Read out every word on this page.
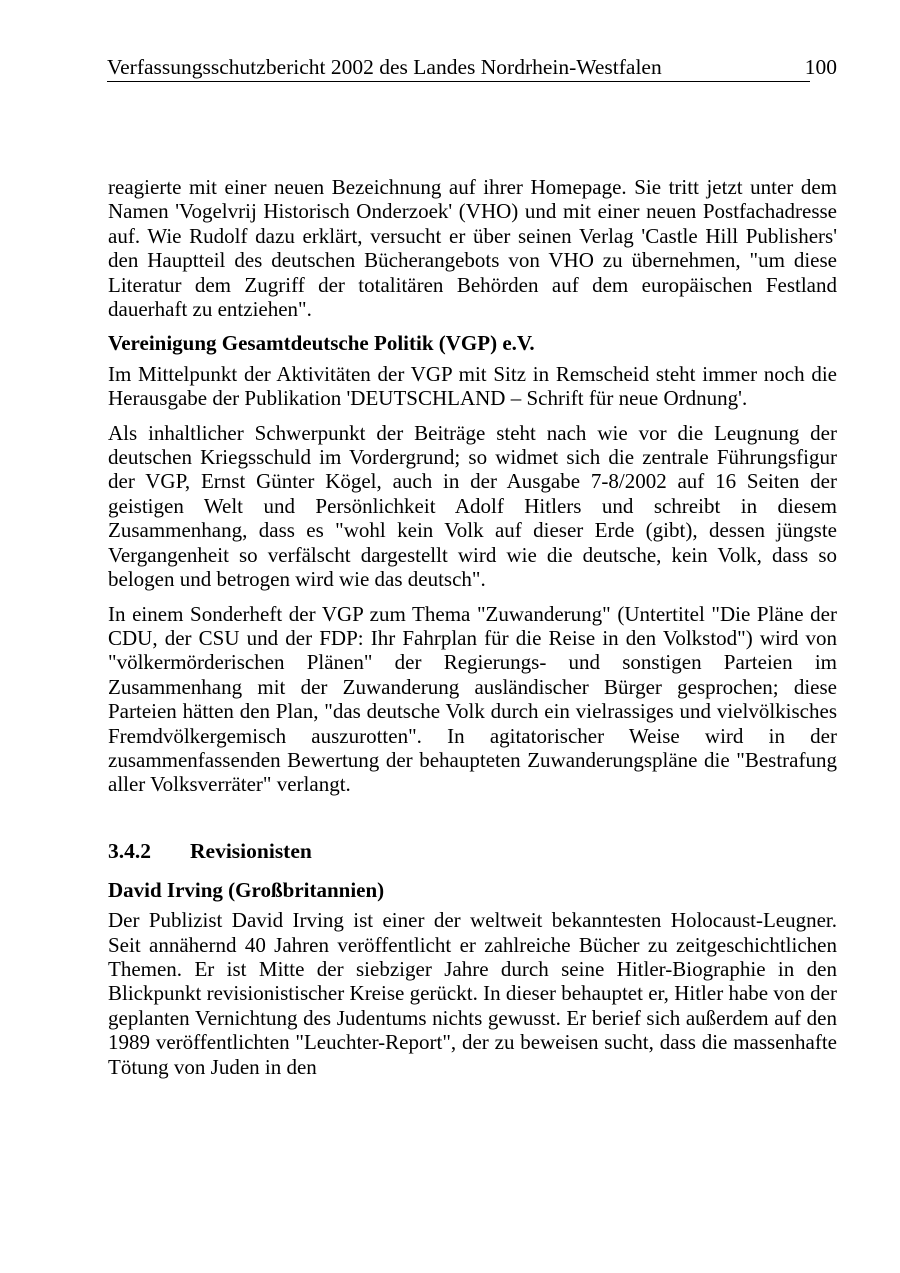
Verfassungsschutzbericht 2002 des Landes Nordrhein-Westfalen	100

reagierte mit einer neuen Bezeichnung auf ihrer Homepage. Sie tritt jetzt unter dem Namen 'Vogelvrij Historisch Onderzoek' (VHO) und mit einer neuen Postfachadresse auf. Wie Rudolf dazu erklärt, versucht er über seinen Verlag 'Castle Hill Publishers' den Hauptteil des deutschen Bücherangebots von VHO zu übernehmen, "um diese Literatur dem Zugriff der totalitären Behörden auf dem europäischen Festland dauerhaft zu entziehen".

Vereinigung Gesamtdeutsche Politik (VGP) e.V.

Im Mittelpunkt der Aktivitäten der VGP mit Sitz in Remscheid steht immer noch die Herausgabe der Publikation 'DEUTSCHLAND – Schrift für neue Ordnung'.

Als inhaltlicher Schwerpunkt der Beiträge steht nach wie vor die Leugnung der deutschen Kriegsschuld im Vordergrund; so widmet sich die zentrale Führungsfigur der VGP, Ernst Günter Kögel, auch in der Ausgabe 7-8/2002 auf 16 Seiten der geistigen Welt und Persönlichkeit Adolf Hitlers und schreibt in diesem Zusammenhang, dass es "wohl kein Volk auf dieser Erde (gibt), dessen jüngste Vergangenheit so verfälscht dargestellt wird wie die deutsche, kein Volk, dass so belogen und betrogen wird wie das deutsch".

In einem Sonderheft der VGP zum Thema "Zuwanderung" (Untertitel "Die Pläne der CDU, der CSU und der FDP: Ihr Fahrplan für die Reise in den Volkstod") wird von "völkermörderischen Plänen" der Regierungs- und sonstigen Parteien im Zusammenhang mit der Zuwanderung ausländischer Bürger gesprochen; diese Parteien hätten den Plan, "das deutsche Volk durch ein vielrassiges und vielvölkisches Fremdvölkergemisch auszurotten". In agitatorischer Weise wird in der zusammenfassenden Bewertung der behaupteten Zuwanderungspläne die "Bestrafung aller Volksverräter" verlangt.

3.4.2 Revisionisten
David Irving (Großbritannien)

Der Publizist David Irving ist einer der weltweit bekanntesten Holocaust-Leugner. Seit annähernd 40 Jahren veröffentlicht er zahlreiche Bücher zu zeitgeschichtlichen Themen. Er ist Mitte der siebziger Jahre durch seine Hitler-Biographie in den Blickpunkt revisionistischer Kreise gerückt. In dieser behauptet er, Hitler habe von der geplanten Vernichtung des Judentums nichts gewusst. Er berief sich außerdem auf den 1989 veröffentlichten "Leuchter-Report", der zu beweisen sucht, dass die massenhafte Tötung von Juden in den
